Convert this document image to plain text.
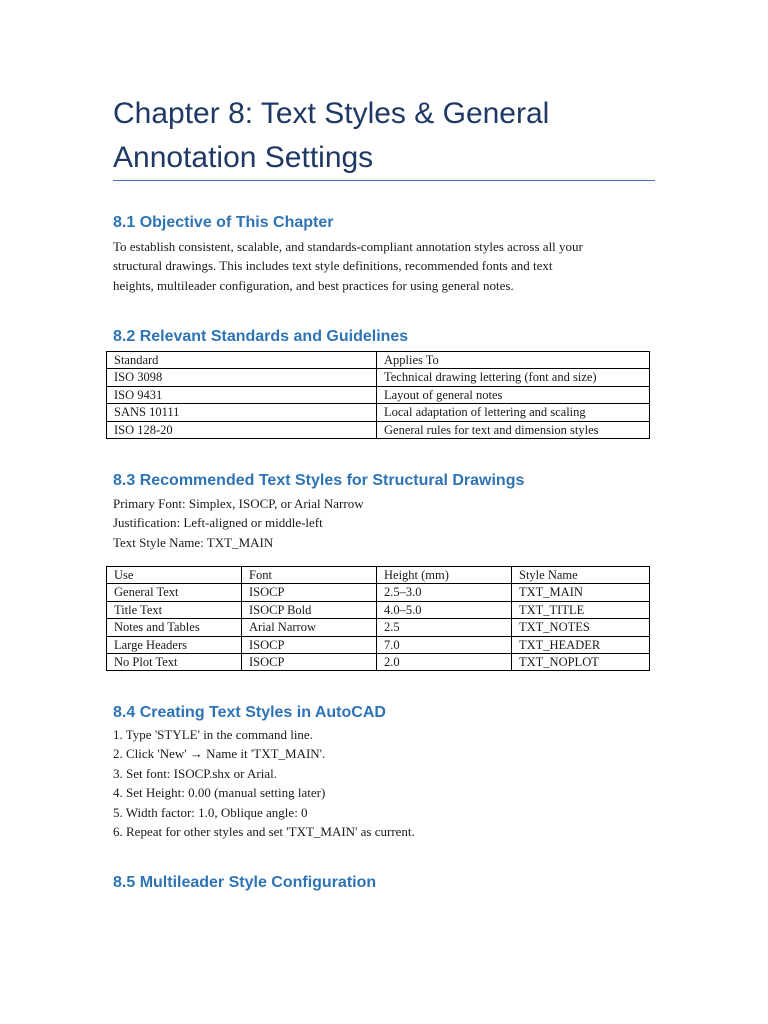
Chapter 8: Text Styles & General Annotation Settings
8.1 Objective of This Chapter
To establish consistent, scalable, and standards-compliant annotation styles across all your
structural drawings. This includes text style definitions, recommended fonts and text
heights, multileader configuration, and best practices for using general notes.
8.2 Relevant Standards and Guidelines
Standard	Applies To
ISO 3098	Technical drawing lettering (font and size)
ISO 9431	Layout of general notes
SANS 10111	Local adaptation of lettering and scaling
ISO 128-20	General rules for text and dimension styles
8.3 Recommended Text Styles for Structural Drawings
Primary Font: Simplex, ISOCP, or Arial Narrow
Justification: Left-aligned or middle-left
Text Style Name: TXT_MAIN
Use	Font	Height (mm)	Style Name
General Text	ISOCP	2.5–3.0	TXT_MAIN
Title Text	ISOCP Bold	4.0–5.0	TXT_TITLE
Notes and Tables	Arial Narrow	2.5	TXT_NOTES
Large Headers	ISOCP	7.0	TXT_HEADER
No Plot Text	ISOCP	2.0	TXT_NOPLOT
8.4 Creating Text Styles in AutoCAD
1. Type 'STYLE' in the command line.
2. Click 'New' → Name it 'TXT_MAIN'.
3. Set font: ISOCP.shx or Arial.
4. Set Height: 0.00 (manual setting later)
5. Width factor: 1.0, Oblique angle: 0
6. Repeat for other styles and set 'TXT_MAIN' as current.
8.5 Multileader Style Configuration
